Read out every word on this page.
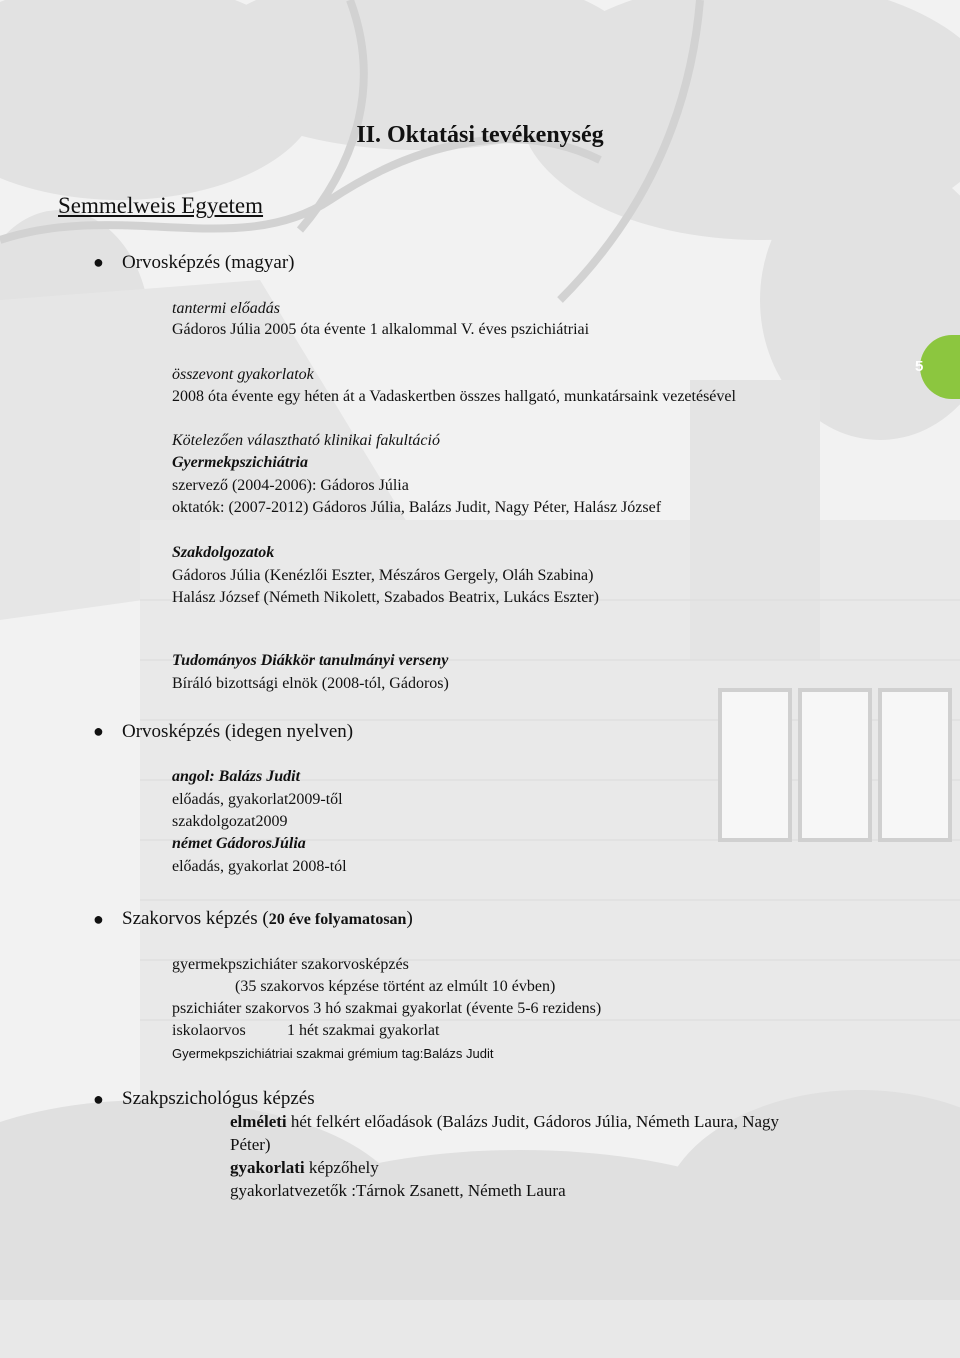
5
II. Oktatási tevékenység
Semmelweis Egyetem
● Orvosképzés (magyar)
tantermi előadás
Gádoros Júlia 2005 óta évente 1 alkalommal V. éves pszichiátriai
összevont gyakorlatok
2008 óta évente egy héten át a Vadaskertben összes hallgató, munkatársaink vezetésével
Kötelezően választható klinikai fakultáció
Gyermekpszichiátria
szervező (2004-2006): Gádoros Júlia
oktatók: (2007-2012) Gádoros Júlia, Balázs Judit, Nagy Péter, Halász József
Szakdolgozatok
Gádoros Júlia (Kenézlői Eszter, Mészáros Gergely, Oláh Szabina)
Halász József (Németh Nikolett, Szabados Beatrix, Lukács Eszter)
Tudományos Diákkör tanulmányi verseny
Bíráló bizottsági elnök (2008-tól, Gádoros)
● Orvosképzés (idegen nyelven)
angol: Balázs Judit
előadás, gyakorlat2009-től
szakdolgozat2009
német GádorosJúlia
előadás, gyakorlat 2008-tól
● Szakorvos képzés (20 éve folyamatosan)
gyermekpszichiáter szakorvosképzés
(35 szakorvos képzése történt az elmúlt 10 évben)
pszichiáter szakorvos 3 hó szakmai gyakorlat (évente 5-6 rezidens)
iskolaorvos	1 hét szakmai gyakorlat
Gyermekpszichiátriai szakmai grémium tag:Balázs Judit
● Szakpszichológus képzés
elméleti hét felkért előadások (Balázs Judit, Gádoros Júlia, Németh Laura, Nagy
Péter)
gyakorlati képzőhely
gyakorlatvezetők :Tárnok Zsanett, Németh Laura
